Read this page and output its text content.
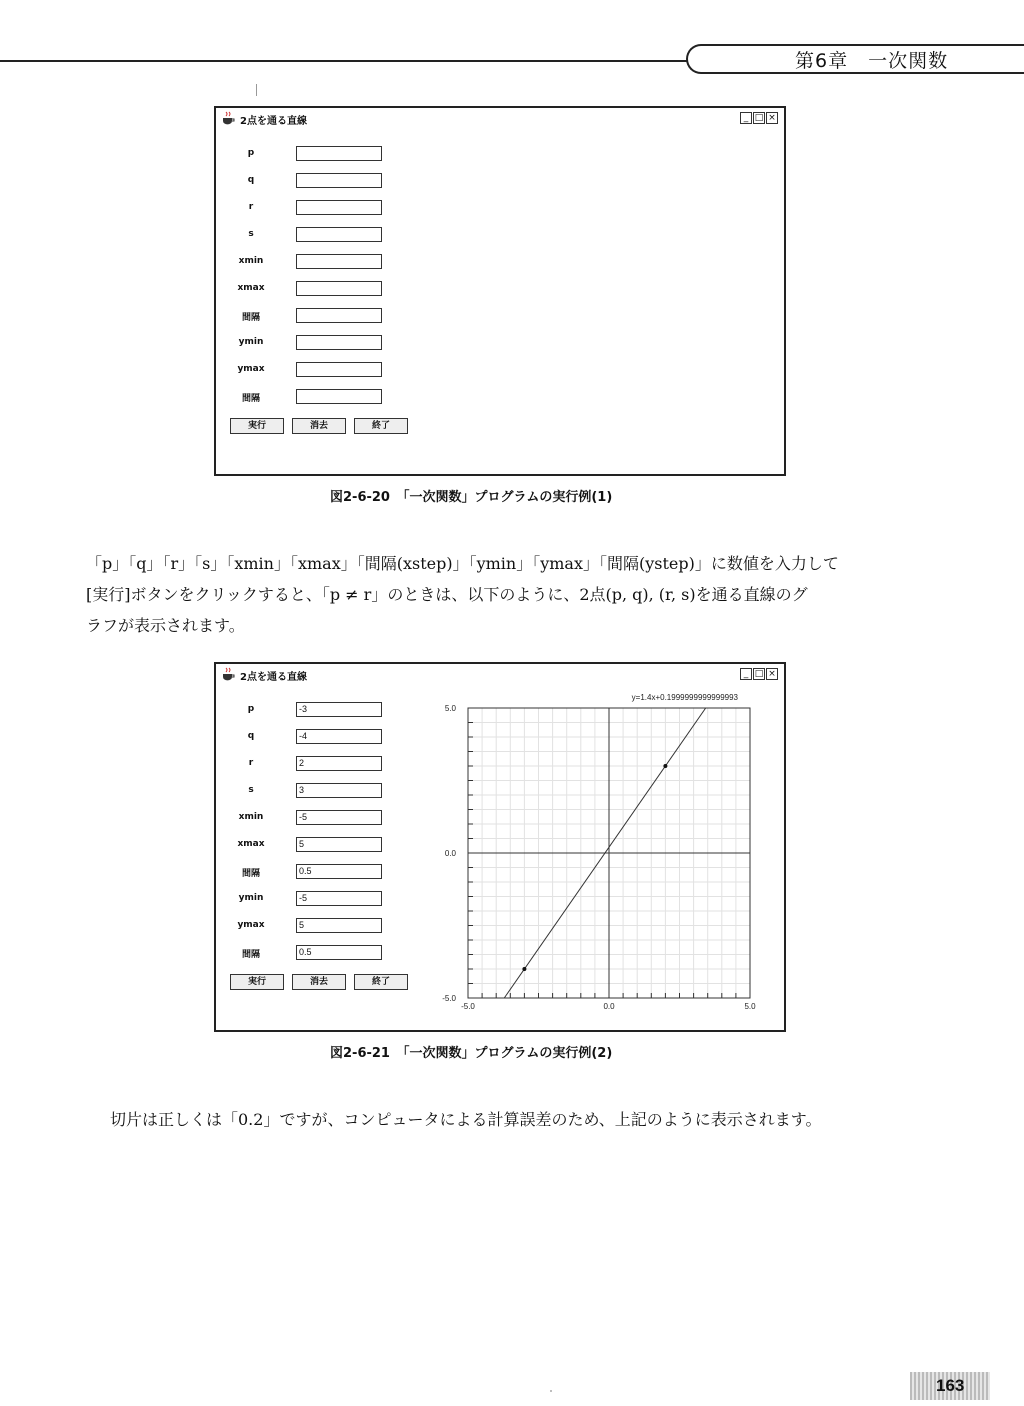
第6章　一次関数
2点を通る直線	_ □ ×
p
q
r
s
xmin
xmax
間隔
ymin
ymax
間隔
実行	消去	終了
図2-6-20　「一次関数」プログラムの実行例(1)
「p」「q」「r」「s」「xmin」「xmax」「間隔(xstep)」「ymin」「ymax」「間隔(ystep)」に数値を入力して
[実行]ボタンをクリックすると、「p ≠ r」のときは、以下のように、2点(p, q), (r, s)を通る直線のグ
ラフが表示されます。
2点を通る直線	_ □ ×
p	-3
q	-4
r	2
s	3
xmin	-5
xmax	5
間隔	0.5
ymin	-5
ymax	5
間隔	0.5
実行	消去	終了
-5.0	0.0	5.0
5.0
0.0
-5.0
y=1.4x+0.1999999999999993
図2-6-21　「一次関数」プログラムの実行例(2)
切片は正しくは「0.2」ですが、コンピュータによる計算誤差のため、上記のように表示されます。
163
